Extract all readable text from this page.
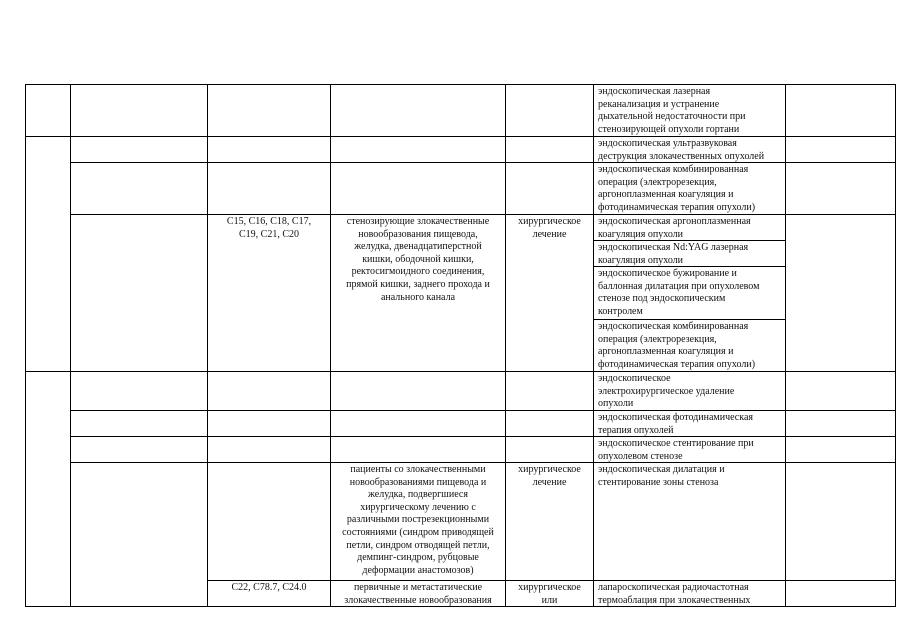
эндоскопическая лазерная
реканализация и устранение
дыхательной недостаточности при
стенозирующей опухоли гортани
эндоскопическая ультразвуковая
деструкция злокачественных опухолей
эндоскопическая комбинированная
операция (электрорезекция,
аргоноплазменная коагуляция и
фотодинамическая терапия опухоли)
эндоскопическая аргоноплазменная
коагуляция опухоли
эндоскопическая Nd:YAG лазерная
коагуляция опухоли
эндоскопическое бужирование и
баллонная дилатация при опухолевом
стенозе под эндоскопическим
контролем
эндоскопическая комбинированная
операция (электрорезекция,
аргоноплазменная коагуляция и
фотодинамическая терапия опухоли)
эндоскопическое
электрохирургическое удаление
опухоли
эндоскопическая фотодинамическая
терапия опухолей
эндоскопическое стентирование при
опухолевом стенозе
эндоскопическая дилатация и
стентирование зоны стеноза
лапароскопическая радиочастотная
термоаблация при злокачественных
C15, C16, C18, C17,
C19, C21, C20
стенозирующие злокачественные
новообразования пищевода,
желудка, двенадцатиперстной
кишки, ободочной кишки,
ректосигмоидного соединения,
прямой кишки, заднего прохода и
анального канала
хирургическое
лечение
пациенты со злокачественными
новообразованиями пищевода и
желудка, подвергшиеся
хирургическому лечению с
различными пострезекционными
состояниями (синдром приводящей
петли, синдром отводящей петли,
демпинг-синдром, рубцовые
деформации анастомозов)
хирургическое
лечение
C22, C78.7, C24.0	первичные и метастатические
злокачественные новообразования
хирургическое
или
